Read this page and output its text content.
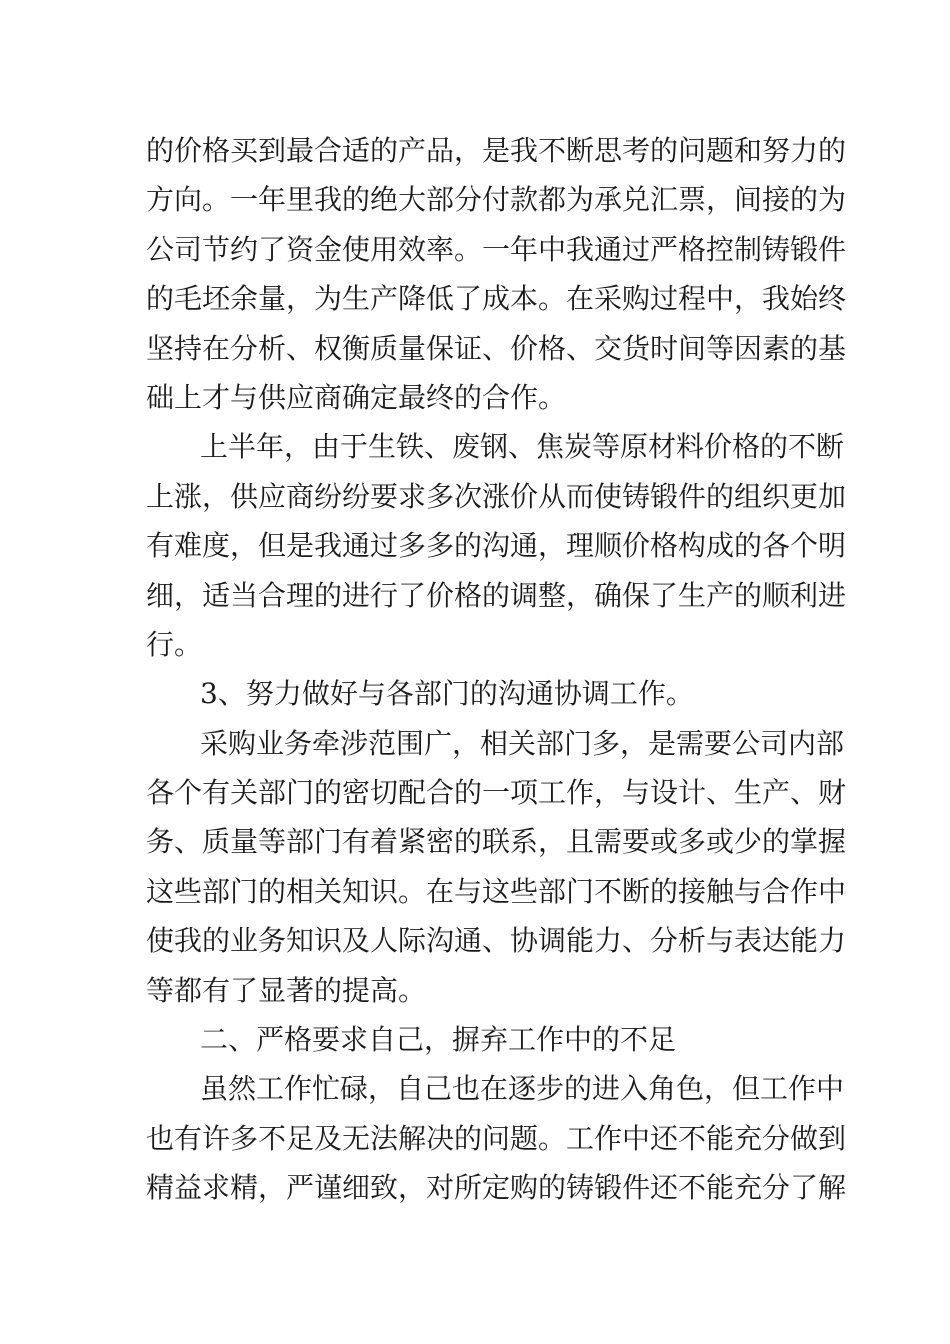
的价格买到最合适的产品，是我不断思考的问题和努力的
方向。一年里我的绝大部分付款都为承兑汇票，间接的为
公司节约了资金使用效率。一年中我通过严格控制铸锻件
的毛坯余量，为生产降低了成本。在采购过程中，我始终
坚持在分析、权衡质量保证、价格、交货时间等因素的基
础上才与供应商确定最终的合作。
上半年，由于生铁、废钢、焦炭等原材料价格的不断
上涨，供应商纷纷要求多次涨价从而使铸锻件的组织更加
有难度，但是我通过多多的沟通，理顺价格构成的各个明
细，适当合理的进行了价格的调整，确保了生产的顺利进
行。
3、努力做好与各部门的沟通协调工作。
采购业务牵涉范围广，相关部门多，是需要公司内部
各个有关部门的密切配合的一项工作，与设计、生产、财
务、质量等部门有着紧密的联系，且需要或多或少的掌握
这些部门的相关知识。在与这些部门不断的接触与合作中
使我的业务知识及人际沟通、协调能力、分析与表达能力
等都有了显著的提高。
二、严格要求自己，摒弃工作中的不足
虽然工作忙碌，自己也在逐步的进入角色，但工作中
也有许多不足及无法解决的问题。工作中还不能充分做到
精益求精，严谨细致，对所定购的铸锻件还不能充分了解
